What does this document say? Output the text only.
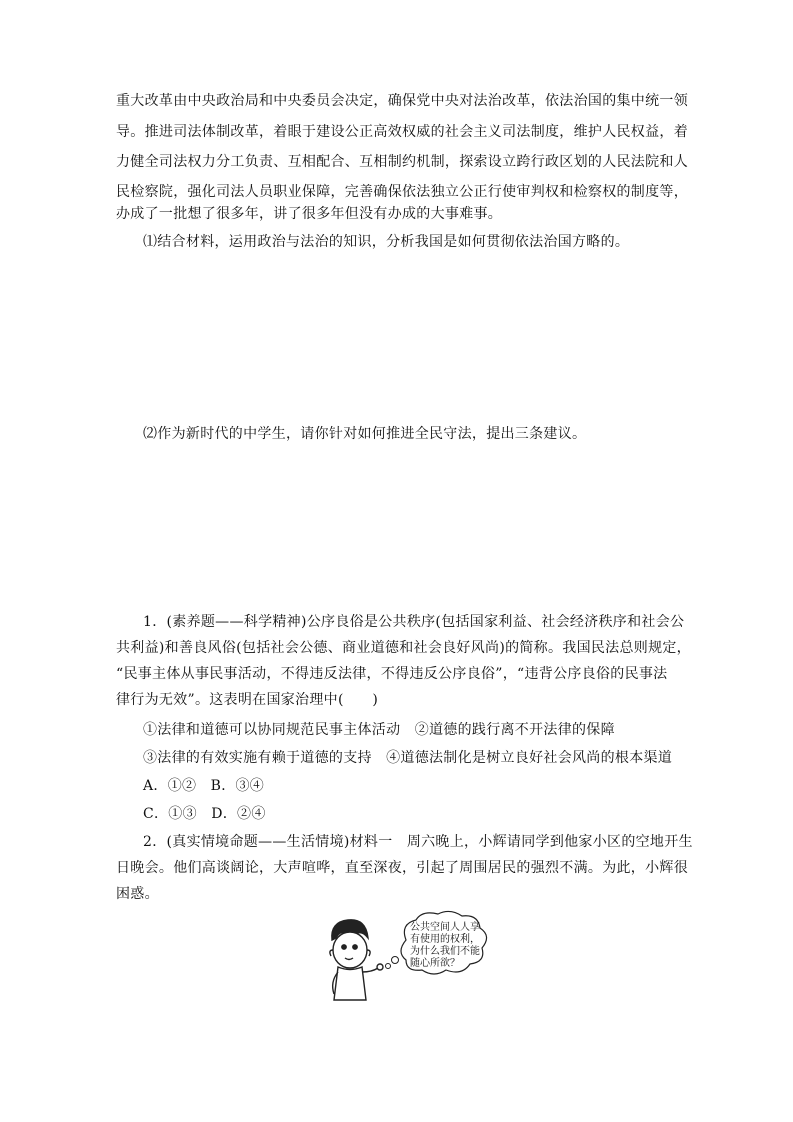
重大改革由中央政治局和中央委员会决定，确保党中央对法治改革，依法治国的集中统一领
导。推进司法体制改革，着眼于建设公正高效权威的社会主义司法制度，维护人民权益，着
力健全司法权力分工负责、互相配合、互相制约机制，探索设立跨行政区划的人民法院和人
民检察院，强化司法人员职业保障，完善确保依法独立公正行使审判权和检察权的制度等，
办成了一批想了很多年，讲了很多年但没有办成的大事难事。
⑴结合材料，运用政治与法治的知识，分析我国是如何贯彻依法治国方略的。
⑵作为新时代的中学生，请你针对如何推进全民守法，提出三条建议。
1．(素养题——科学精神)公序良俗是公共秩序(包括国家利益、社会经济秩序和社会公
共利益)和善良风俗(包括社会公德、商业道德和社会良好风尚)的简称。我国民法总则规定，
“民事主体从事民事活动，不得违反法律，不得违反公序良俗”，“违背公序良俗的民事法
律行为无效”。这表明在国家治理中(　　)
①法律和道德可以协同规范民事主体活动　②道德的践行离不开法律的保障
③法律的有效实施有赖于道德的支持　④道德法制化是树立良好社会风尚的根本渠道
A．①②　B．③④
C．①③　D．②④
2．(真实情境命题——生活情境)材料一　周六晚上，小辉请同学到他家小区的空地开生
日晚会。他们高谈阔论，大声喧哗，直至深夜，引起了周围居民的强烈不满。为此，小辉很
困惑。
公共空间人人享
有使用的权利，
为什么我们不能
随心所欲？
